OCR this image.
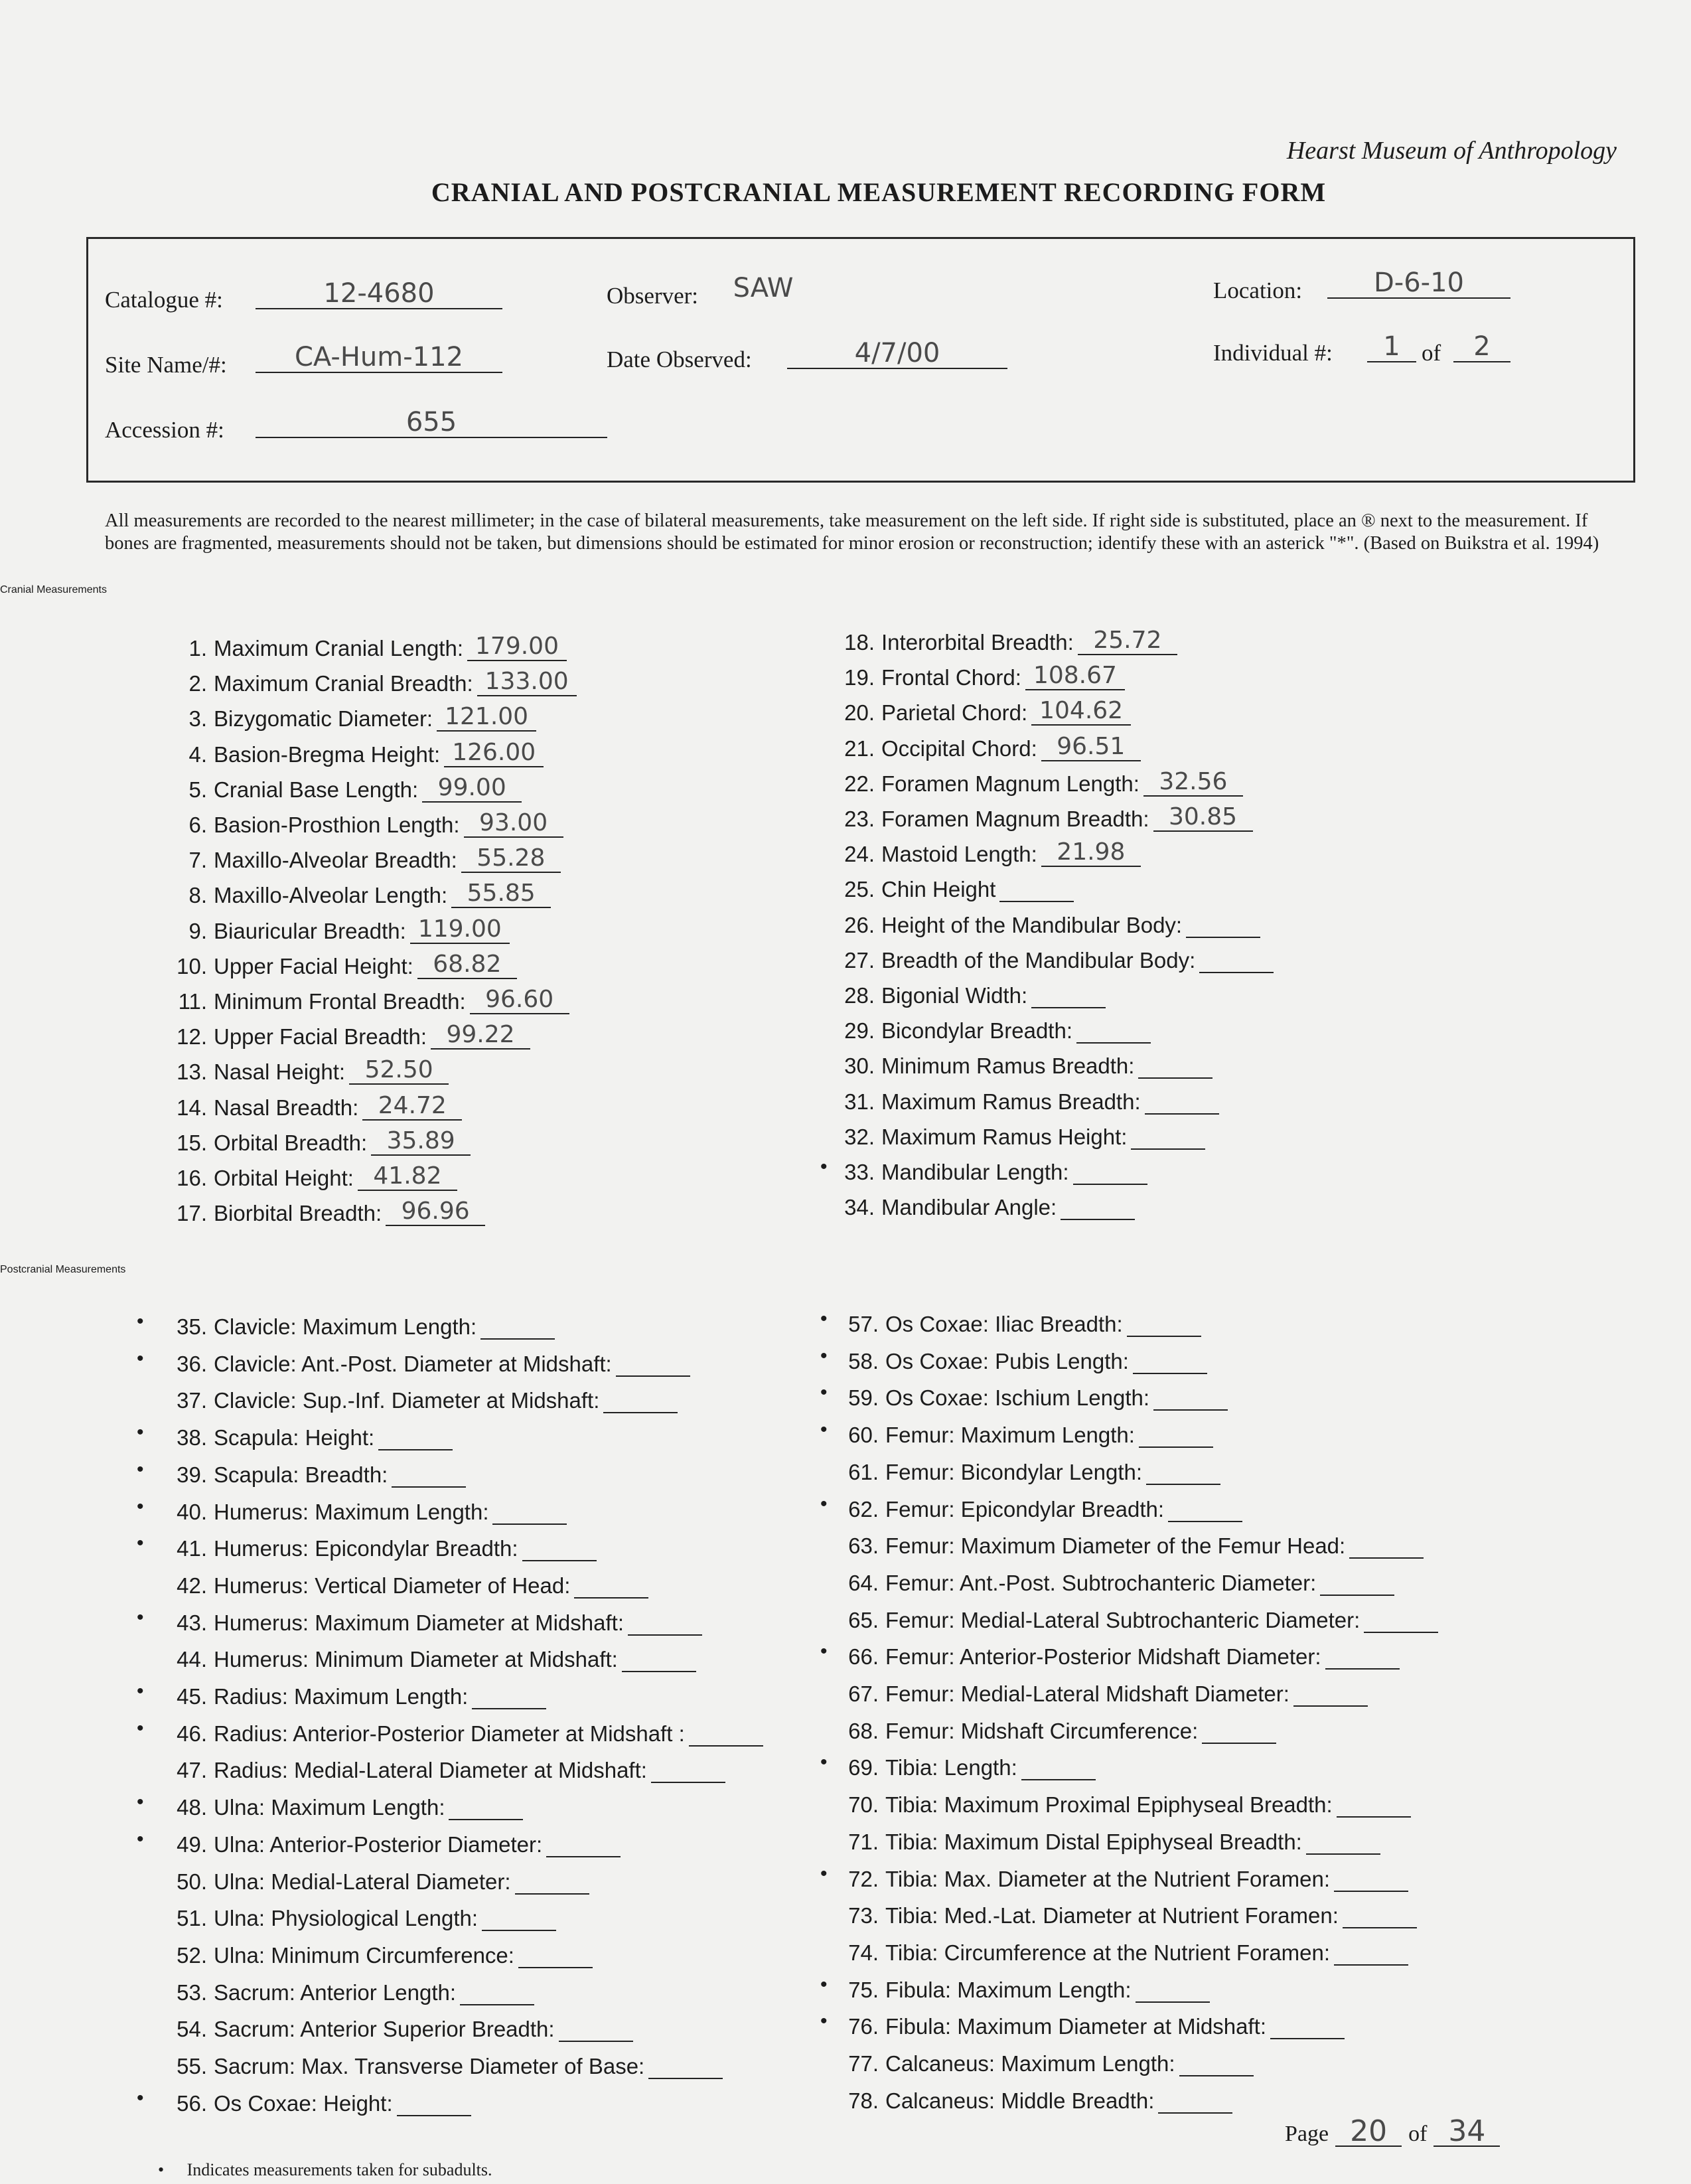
Hearst Museum of Anthropology
CRANIAL AND POSTCRANIAL MEASUREMENT RECORDING FORM
Catalogue #:	12-4680
Site Name/#:	CA-Hum-112
Accession #:	655
Observer:	SAW
Date Observed:	4/7/00
Location:	D-6-10
Individual #:	1 of	2
All measurements are recorded to the nearest millimeter; in the case of bilateral measurements, take measurement on the left side. If right side is substituted, place an ® next to the measurement. If bones are fragmented, measurements should not be taken, but dimensions should be estimated for minor erosion or reconstruction; identify these with an asterick "*". (Based on Buikstra et al. 1994)
Cranial Measurements
Postcranial Measurements
1. Maximum Cranial Length: 179.00
2. Maximum Cranial Breadth: 133.00
3. Bizygomatic Diameter: 121.00
4. Basion-Bregma Height: 126.00
5. Cranial Base Length: 99.00
6. Basion-Prosthion Length: 93.00
7. Maxillo-Alveolar Breadth: 55.28
8. Maxillo-Alveolar Length: 55.85
9. Biauricular Breadth: 119.00
10. Upper Facial Height: 68.82
11. Minimum Frontal Breadth: 96.60
12. Upper Facial Breadth: 99.22
13. Nasal Height: 52.50
14. Nasal Breadth: 24.72
15. Orbital Breadth: 35.89
16. Orbital Height: 41.82
17. Biorbital Breadth: 96.96
18. Interorbital Breadth: 25.72
19. Frontal Chord: 108.67
20. Parietal Chord: 104.62
21. Occipital Chord: 96.51
22. Foramen Magnum Length: 32.56
23. Foramen Magnum Breadth: 30.85
24. Mastoid Length: 21.98
25. Chin Height
26. Height of the Mandibular Body:
27. Breadth of the Mandibular Body:
28. Bigonial Width:
29. Bicondylar Breadth:
30. Minimum Ramus Breadth:
31. Maximum Ramus Breadth:
32. Maximum Ramus Height:
33. Mandibular Length:
•
34. Mandibular Angle:
35. Clavicle: Maximum Length:
•
36. Clavicle: Ant.-Post. Diameter at Midshaft:
•
37. Clavicle: Sup.-Inf. Diameter at Midshaft:
38. Scapula: Height:
•
39. Scapula: Breadth:
•
40. Humerus: Maximum Length:
•
41. Humerus: Epicondylar Breadth:
•
42. Humerus: Vertical Diameter of Head:
43. Humerus: Maximum Diameter at Midshaft:
•
44. Humerus: Minimum Diameter at Midshaft:
45. Radius: Maximum Length:
•
46. Radius: Anterior-Posterior Diameter at Midshaft :
•
47. Radius: Medial-Lateral Diameter at Midshaft:
48. Ulna: Maximum Length:
•
49. Ulna: Anterior-Posterior Diameter:
•
50. Ulna: Medial-Lateral Diameter:
51. Ulna: Physiological Length:
52. Ulna: Minimum Circumference:
53. Sacrum: Anterior Length:
54. Sacrum: Anterior Superior Breadth:
55. Sacrum: Max. Transverse Diameter of Base:
56. Os Coxae: Height:
•
57. Os Coxae: Iliac Breadth:
•
58. Os Coxae: Pubis Length:
•
59. Os Coxae: Ischium Length:
•
60. Femur: Maximum Length:
•
61. Femur: Bicondylar Length:
62. Femur: Epicondylar Breadth:
•
63. Femur: Maximum Diameter of the Femur Head:
64. Femur: Ant.-Post. Subtrochanteric Diameter:
65. Femur: Medial-Lateral Subtrochanteric Diameter:
66. Femur: Anterior-Posterior Midshaft Diameter:
•
67. Femur: Medial-Lateral Midshaft Diameter:
68. Femur: Midshaft Circumference:
69. Tibia: Length:
•
70. Tibia: Maximum Proximal Epiphyseal Breadth:
71. Tibia: Maximum Distal Epiphyseal Breadth:
72. Tibia: Max. Diameter at the Nutrient Foramen:
•
73. Tibia: Med.-Lat. Diameter at Nutrient Foramen:
74. Tibia: Circumference at the Nutrient Foramen:
75. Fibula: Maximum Length:
•
76. Fibula: Maximum Diameter at Midshaft:
•
77. Calcaneus: Maximum Length:
78. Calcaneus: Middle Breadth:
Page 20 of 34
• Indicates measurements taken for subadults.
